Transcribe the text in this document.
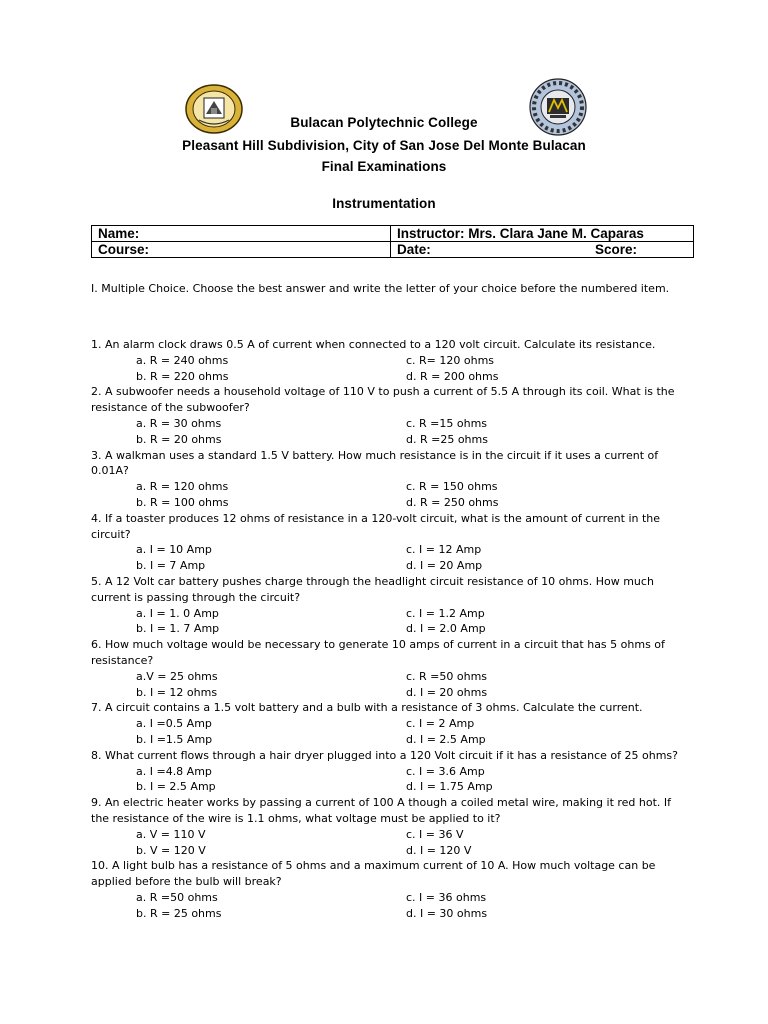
Bulacan Polytechnic College
Pleasant Hill Subdivision, City of San Jose Del Monte Bulacan
Final Examinations
Instrumentation
Name:	Instructor: Mrs. Clara Jane M. Caparas
Course:	Date: Score:
I. Multiple Choice. Choose the best answer and write the letter of your choice before the numbered item.

1. An alarm clock draws 0.5 A of current when connected to a 120 volt circuit. Calculate its resistance.

a. R = 240 ohms	c. R= 120 ohms
b. R = 220 ohms	d. R = 200 ohms

2. A subwoofer needs a household voltage of 110 V to push a current of 5.5 A through its coil. What is the resistance of the subwoofer?

a. R = 30 ohms	c. R =15 ohms
b. R = 20 ohms	d. R =25 ohms

3. A walkman uses a standard 1.5 V battery. How much resistance is in the circuit if it uses a current of 0.01A?

a. R = 120 ohms	c. R = 150 ohms
b. R = 100 ohms	d. R = 250 ohms

4. If a toaster produces 12 ohms of resistance in a 120-volt circuit, what is the amount of current in the circuit?

a. I = 10 Amp	c. I = 12 Amp
b. I = 7 Amp	d. I = 20 Amp

5. A 12 Volt car battery pushes charge through the headlight circuit resistance of 10 ohms. How much current is passing through the circuit?

a. I = 1. 0 Amp	c. I = 1.2 Amp
b. I = 1. 7 Amp	d. I = 2.0 Amp

6. How much voltage would be necessary to generate 10 amps of current in a circuit that has 5 ohms of resistance?

a.V = 25 ohms	c. R =50 ohms
b. I = 12 ohms	d. I = 20 ohms

7. A circuit contains a 1.5 volt battery and a bulb with a resistance of 3 ohms. Calculate the current.

a. I =0.5 Amp	c. I = 2 Amp
b. I =1.5 Amp	d. I = 2.5 Amp

8. What current flows through a hair dryer plugged into a 120 Volt circuit if it has a resistance of 25 ohms?

a. I =4.8 Amp	c. I = 3.6 Amp
b. I = 2.5 Amp	d. I = 1.75 Amp

9. An electric heater works by passing a current of 100 A though a coiled metal wire, making it red hot. If the resistance of the wire is 1.1 ohms, what voltage must be applied to it?

a. V = 110 V	c. I = 36 V
b. V = 120 V	d. I = 120 V

10. A light bulb has a resistance of 5 ohms and a maximum current of 10 A. How much voltage can be applied before the bulb will break?

a. R =50 ohms	c. I = 36 ohms
b. R = 25 ohms	d. I = 30 ohms
